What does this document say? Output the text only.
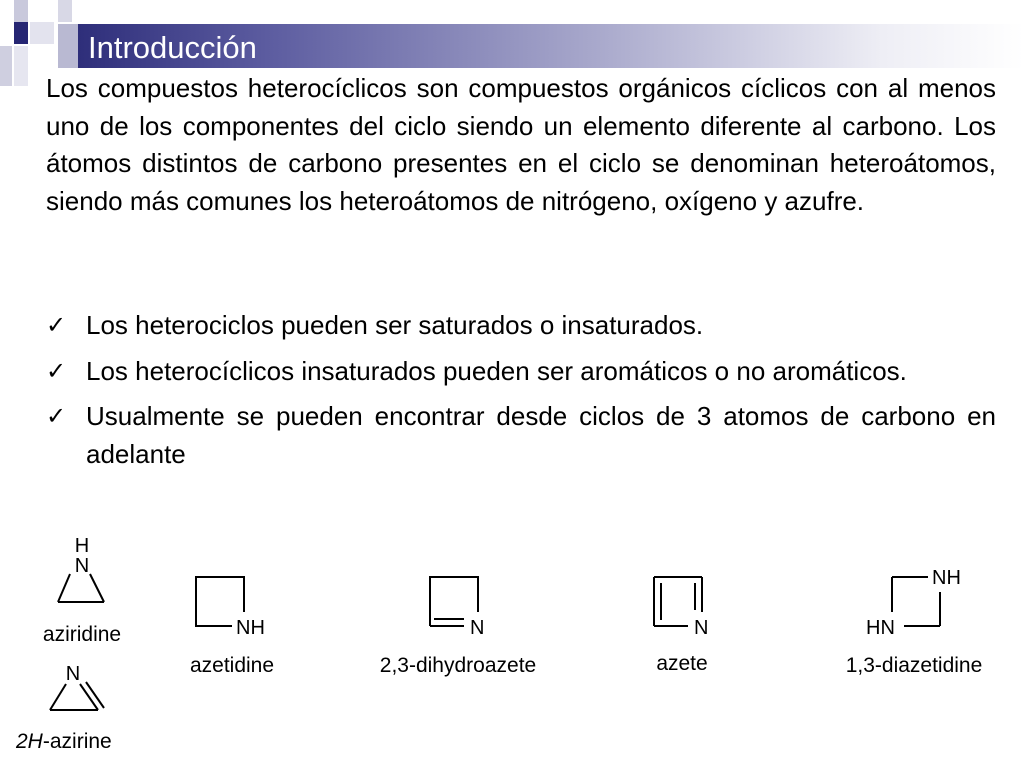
Introducción

Los compuestos heterocíclicos son compuestos orgánicos cíclicos con al menos uno de los componentes del ciclo siendo un elemento diferente al carbono. Los átomos distintos de carbono presentes en el ciclo se denominan heteroátomos, siendo más comunes los heteroátomos de nitrógeno, oxígeno y azufre.

✓ Los heterociclos pueden ser saturados o insaturados.
✓ Los heterocíclicos insaturados pueden ser aromáticos o no aromáticos.
✓ Usualmente se pueden encontrar desde ciclos de 3 atomos de carbono en adelante
H
N
aziridine
N
2H-azirine
NH
azetidine
N
2,3-dihydroazete
N
azete
NH
HN
1,3-diazetidine
